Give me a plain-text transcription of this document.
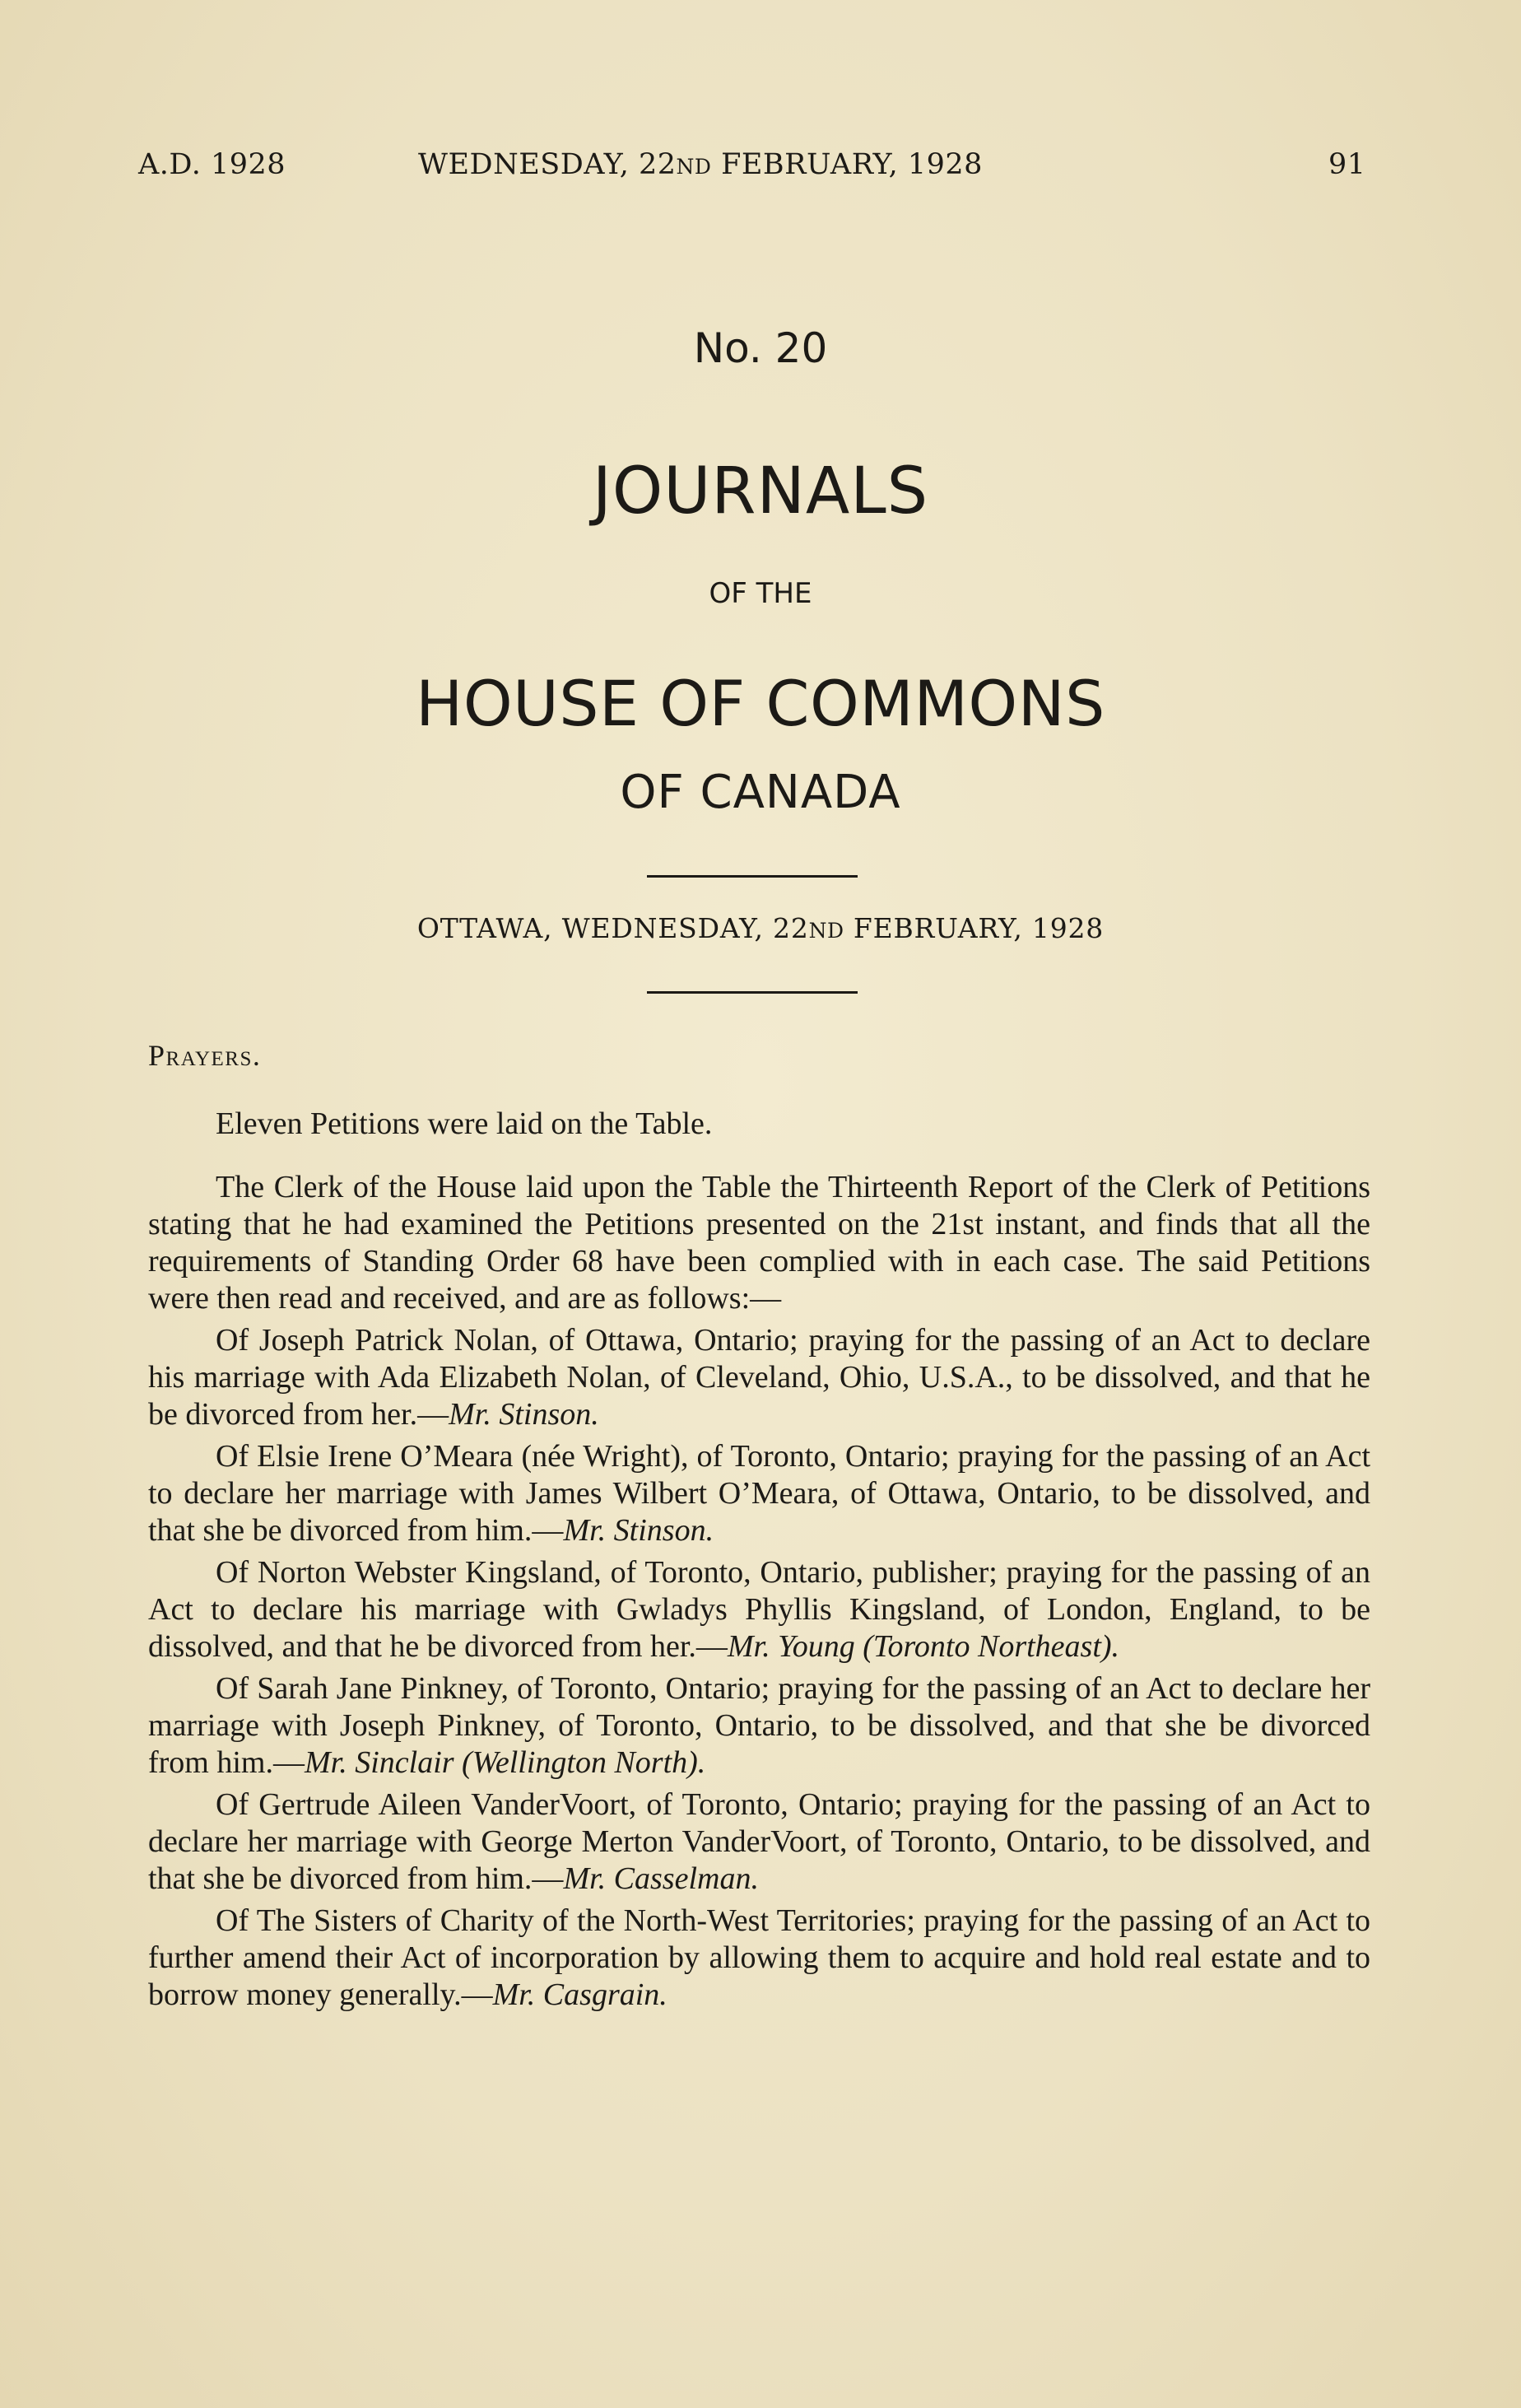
A.D. 1928	WEDNESDAY, 22ND FEBRUARY, 1928	91
No. 20
JOURNALS
OF THE
HOUSE OF COMMONS
OF CANADA
OTTAWA, WEDNESDAY, 22ND FEBRUARY, 1928

Prayers.

Eleven Petitions were laid on the Table.

The Clerk of the House laid upon the Table the Thirteenth Report of the Clerk of Petitions stating that he had examined the Petitions presented on the 21st instant, and finds that all the requirements of Standing Order 68 have been complied with in each case. The said Petitions were then read and received, and are as follows:—

Of Joseph Patrick Nolan, of Ottawa, Ontario; praying for the passing of an Act to declare his marriage with Ada Elizabeth Nolan, of Cleveland, Ohio, U.S.A., to be dissolved, and that he be divorced from her.—Mr. Stinson.

Of Elsie Irene O’Meara (née Wright), of Toronto, Ontario; praying for the passing of an Act to declare her marriage with James Wilbert O’Meara, of Ottawa, Ontario, to be dissolved, and that she be divorced from him.—Mr. Stinson.

Of Norton Webster Kingsland, of Toronto, Ontario, publisher; praying for the passing of an Act to declare his marriage with Gwladys Phyllis Kingsland, of London, England, to be dissolved, and that he be divorced from her.—Mr. Young (Toronto Northeast).

Of Sarah Jane Pinkney, of Toronto, Ontario; praying for the passing of an Act to declare her marriage with Joseph Pinkney, of Toronto, Ontario, to be dissolved, and that she be divorced from him.—Mr. Sinclair (Wellington North).

Of Gertrude Aileen VanderVoort, of Toronto, Ontario; praying for the passing of an Act to declare her marriage with George Merton VanderVoort, of Toronto, Ontario, to be dissolved, and that she be divorced from him.—Mr. Casselman.

Of The Sisters of Charity of the North-West Territories; praying for the passing of an Act to further amend their Act of incorporation by allowing them to acquire and hold real estate and to borrow money generally.—Mr. Casgrain.
